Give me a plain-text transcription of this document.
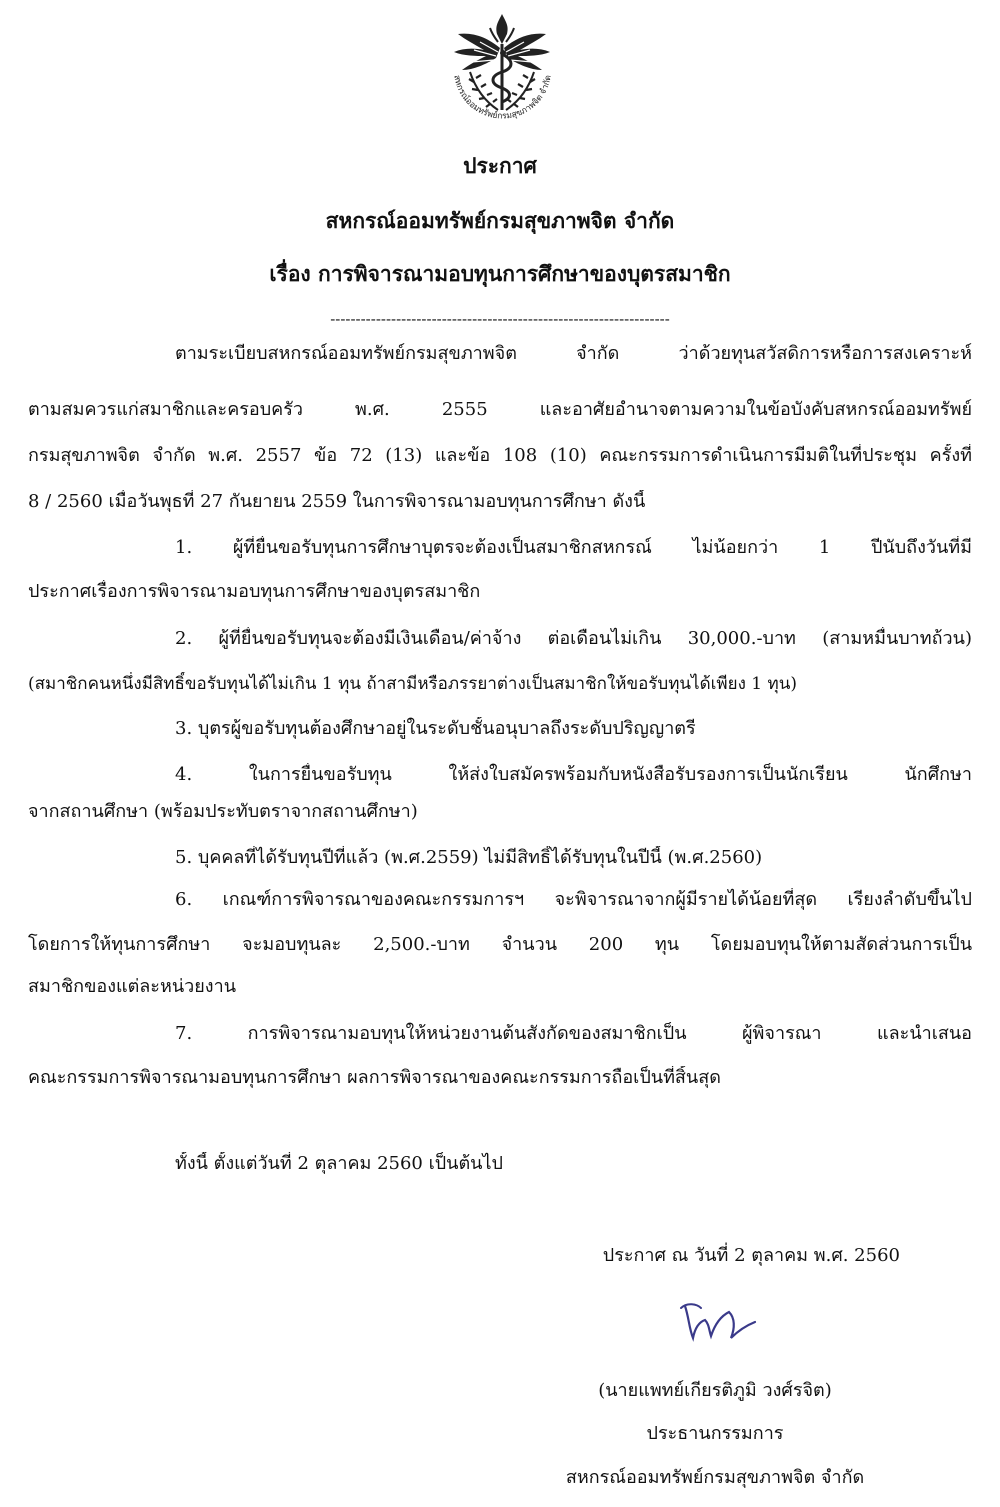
สหกรณ์ออมทรัพย์กรมสุขภาพจิต จำกัด
ประกาศ
สหกรณ์ออมทรัพย์กรมสุขภาพจิต จำกัด
เรื่อง การพิจารณามอบทุนการศึกษาของบุตรสมาชิก
-------------------------------------------------------------------
ตามระเบียบสหกรณ์ออมทรัพย์กรมสุขภาพจิต จำกัด ว่าด้วยทุนสวัสดิการหรือการสงเคราะห์
ตามสมควรแก่สมาชิกและครอบครัว พ.ศ. 2555 และอาศัยอำนาจตามความในข้อบังคับสหกรณ์ออมทรัพย์
กรมสุขภาพจิต จำกัด พ.ศ. 2557 ข้อ 72 (13) และข้อ 108 (10) คณะกรรมการดำเนินการมีมติในที่ประชุม ครั้งที่
8 / 2560 เมื่อวันพุธที่ 27 กันยายน 2559 ในการพิจารณามอบทุนการศึกษา ดังนี้
1. ผู้ที่ยื่นขอรับทุนการศึกษาบุตรจะต้องเป็นสมาชิกสหกรณ์ ไม่น้อยกว่า 1 ปีนับถึงวันที่มี
ประกาศเรื่องการพิจารณามอบทุนการศึกษาของบุตรสมาชิก
2. ผู้ที่ยื่นขอรับทุนจะต้องมีเงินเดือน/ค่าจ้าง ต่อเดือนไม่เกิน 30,000.-บาท (สามหมื่นบาทถ้วน)
(สมาชิกคนหนึ่งมีสิทธิ์ขอรับทุนได้ไม่เกิน 1 ทุน ถ้าสามีหรือภรรยาต่างเป็นสมาชิกให้ขอรับทุนได้เพียง 1 ทุน)
3. บุตรผู้ขอรับทุนต้องศึกษาอยู่ในระดับชั้นอนุบาลถึงระดับปริญญาตรี
4. ในการยื่นขอรับทุน ให้ส่งใบสมัครพร้อมกับหนังสือรับรองการเป็นนักเรียน นักศึกษา
จากสถานศึกษา (พร้อมประทับตราจากสถานศึกษา)
5. บุคคลที่ได้รับทุนปีที่แล้ว (พ.ศ.2559) ไม่มีสิทธิ์ได้รับทุนในปีนี้ (พ.ศ.2560)
6. เกณฑ์การพิจารณาของคณะกรรมการฯ จะพิจารณาจากผู้มีรายได้น้อยที่สุด เรียงลำดับขึ้นไป
โดยการให้ทุนการศึกษา จะมอบทุนละ 2,500.-บาท จำนวน 200 ทุน โดยมอบทุนให้ตามสัดส่วนการเป็น
สมาชิกของแต่ละหน่วยงาน
7. การพิจารณามอบทุนให้หน่วยงานต้นสังกัดของสมาชิกเป็น ผู้พิจารณา และนำเสนอ
คณะกรรมการพิจารณามอบทุนการศึกษา ผลการพิจารณาของคณะกรรมการถือเป็นที่สิ้นสุด
ทั้งนี้ ตั้งแต่วันที่ 2 ตุลาคม 2560 เป็นต้นไป
ประกาศ ณ วันที่ 2 ตุลาคม พ.ศ. 2560
(นายแพทย์เกียรติภูมิ วงศ์รจิต)
ประธานกรรมการ
สหกรณ์ออมทรัพย์กรมสุขภาพจิต จำกัด
